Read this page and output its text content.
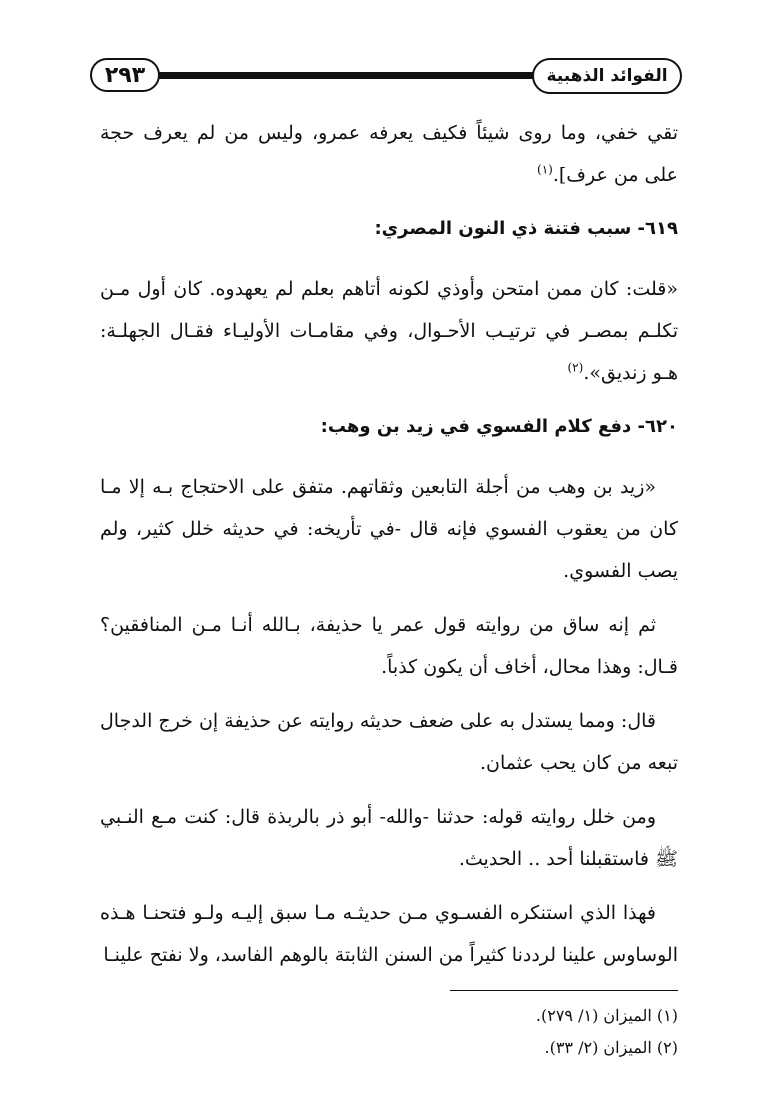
٢٩٣	الفوائد الذهبية

تقي خفي، وما روى شيئاً فكيف يعرفه عمرو، وليس من لم يعرف حجة على من عرف].$^{(١)}$

٦١٩- سبب فتنة ذي النون المصري:

«قلت: كان ممن امتحن وأوذي لكونه أتاهم بعلم لم يعهدوه. كان أول مـن تكلـم بمصـر في ترتيـب الأحـوال، وفي مقامـات الأوليـاء فقـال الجهلـة: هـو زنديق».$^{(٢)}$

٦٢٠- دفع كلام الفسوي في زيد بن وهب:

«زيد بن وهب من أجلة التابعين وثقاتهم. متفق على الاحتجاج بـه إلا مـا كان من يعقوب الفسوي فإنه قال -في تأريخه: في حديثه خلل كثير، ولم يصب الفسوي.

ثم إنه ساق من روايته قول عمر يا حذيفة، بـالله أنـا مـن المنافقين؟ قـال: وهذا محال، أخاف أن يكون كذباً.

قال: ومما يستدل به على ضعف حديثه روايته عن حذيفة إن خرج الدجال تبعه من كان يحب عثمان.

ومن خلل روايته قوله: حدثنا -والله- أبو ذر بالربذة قال: كنت مـع النـبي ﷺ فاستقبلنا أحد .. الحديث.

فهذا الذي استنكره الفسـوي مـن حديثـه مـا سبق إليـه ولـو فتحنـا هـذه الوساوس علينا لرددنا كثيراً من السنن الثابتة بالوهم الفاسد، ولا نفتح علينـا

(١) الميزان (١/ ٢٧٩).
(٢) الميزان (٢/ ٣٣).
